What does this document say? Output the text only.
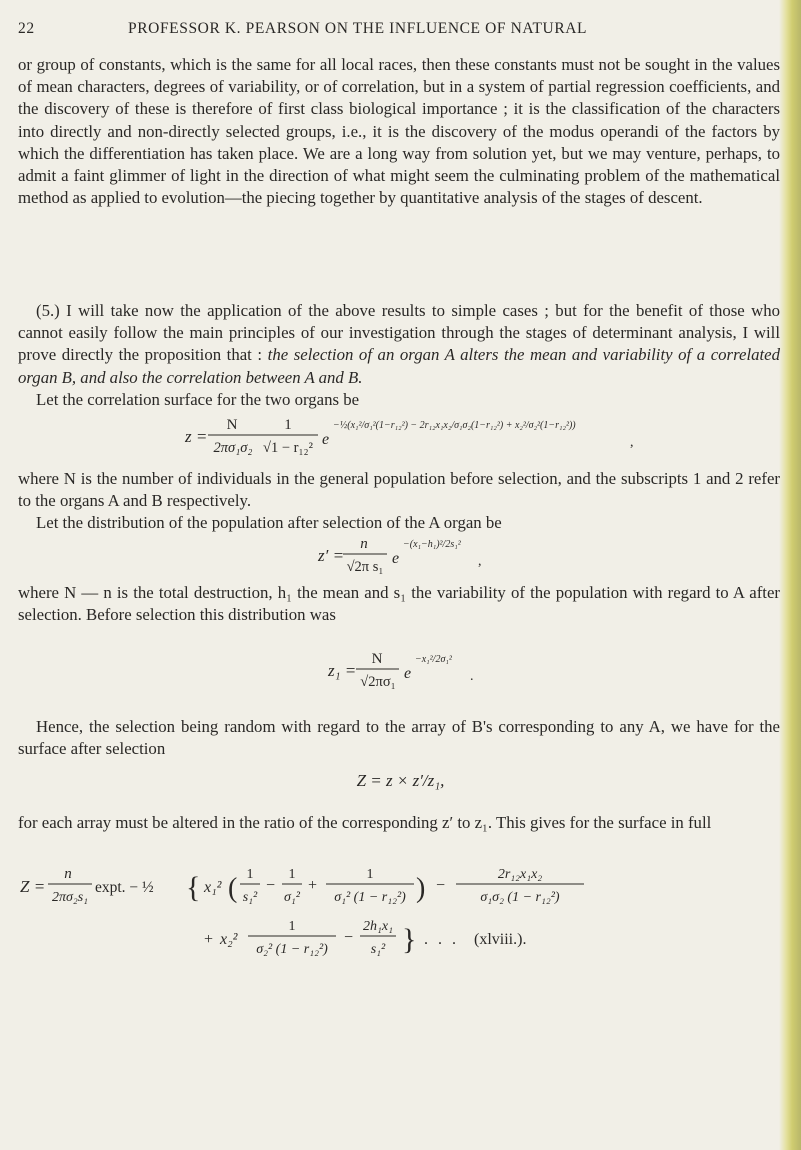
22	PROFESSOR K. PEARSON ON THE INFLUENCE OF NATURAL

or group of constants, which is the same for all local races, then these constants must not be sought in the values of mean characters, degrees of variability, or of correlation, but in a system of partial regression coefficients, and the discovery of these is therefore of first class biological importance ; it is the classification of the characters into directly and non-directly selected groups, i.e., it is the discovery of the modus operandi of the factors by which the differentiation has taken place. We are a long way from solution yet, but we may venture, perhaps, to admit a faint glimmer of light in the direction of what might seem the culminating problem of the mathematical method as applied to evolution—the piecing together by quantitative analysis of the stages of descent.

(5.) I will take now the application of the above results to simple cases ; but for the benefit of those who cannot easily follow the main principles of our investigation through the stages of determinant analysis, I will prove directly the proposition that : the selection of an organ A alters the mean and variability of a correlated organ B, and also the correlation between A and B.

Let the correlation surface for the two organs be

z =
N
2πσ₁σ₂
1
√1 − r₁₂² e
−½(x₁²/σ₁²(1−r₁₂²) − 2r₁₂x₁x₂/σ₁σ₂(1−r₁₂²) + x₂²/σ₂²(1−r₁₂²))
,

where N is the number of individuals in the general population before selection, and the subscripts 1 and 2 refer to the organs A and B respectively.

Let the distribution of the population after selection of the A organ be

z′ =
n
√2π s₁ e
−(x₁−h₁)²/2s₁²
,

where N — n is the total destruction, h₁ the mean and s₁ the variability of the population with regard to A after selection. Before selection this distribution was

z₁ =
N
√2πσ₁ e
−x₁²/2σ₁²
.

Hence, the selection being random with regard to the array of B's corresponding to any A, we have for the surface after selection

Z = z × z′/z₁,

for each array must be altered in the ratio of the corresponding z′ to z₁. This gives for the surface in full

Z =
n
2πσ₂s₁
expt. − ½ { x₁² ( 1
s₁²
−
1
σ₁²
+
1
σ₁² (1 − r₁₂²) ) −
2r₁₂x₁x₂
σ₁σ₂ (1 − r₁₂²)
+ x₂²
1
σ₂² (1 − r₁₂²)
−
2h₁x₁
s₁² } . . . (xlviii.).
